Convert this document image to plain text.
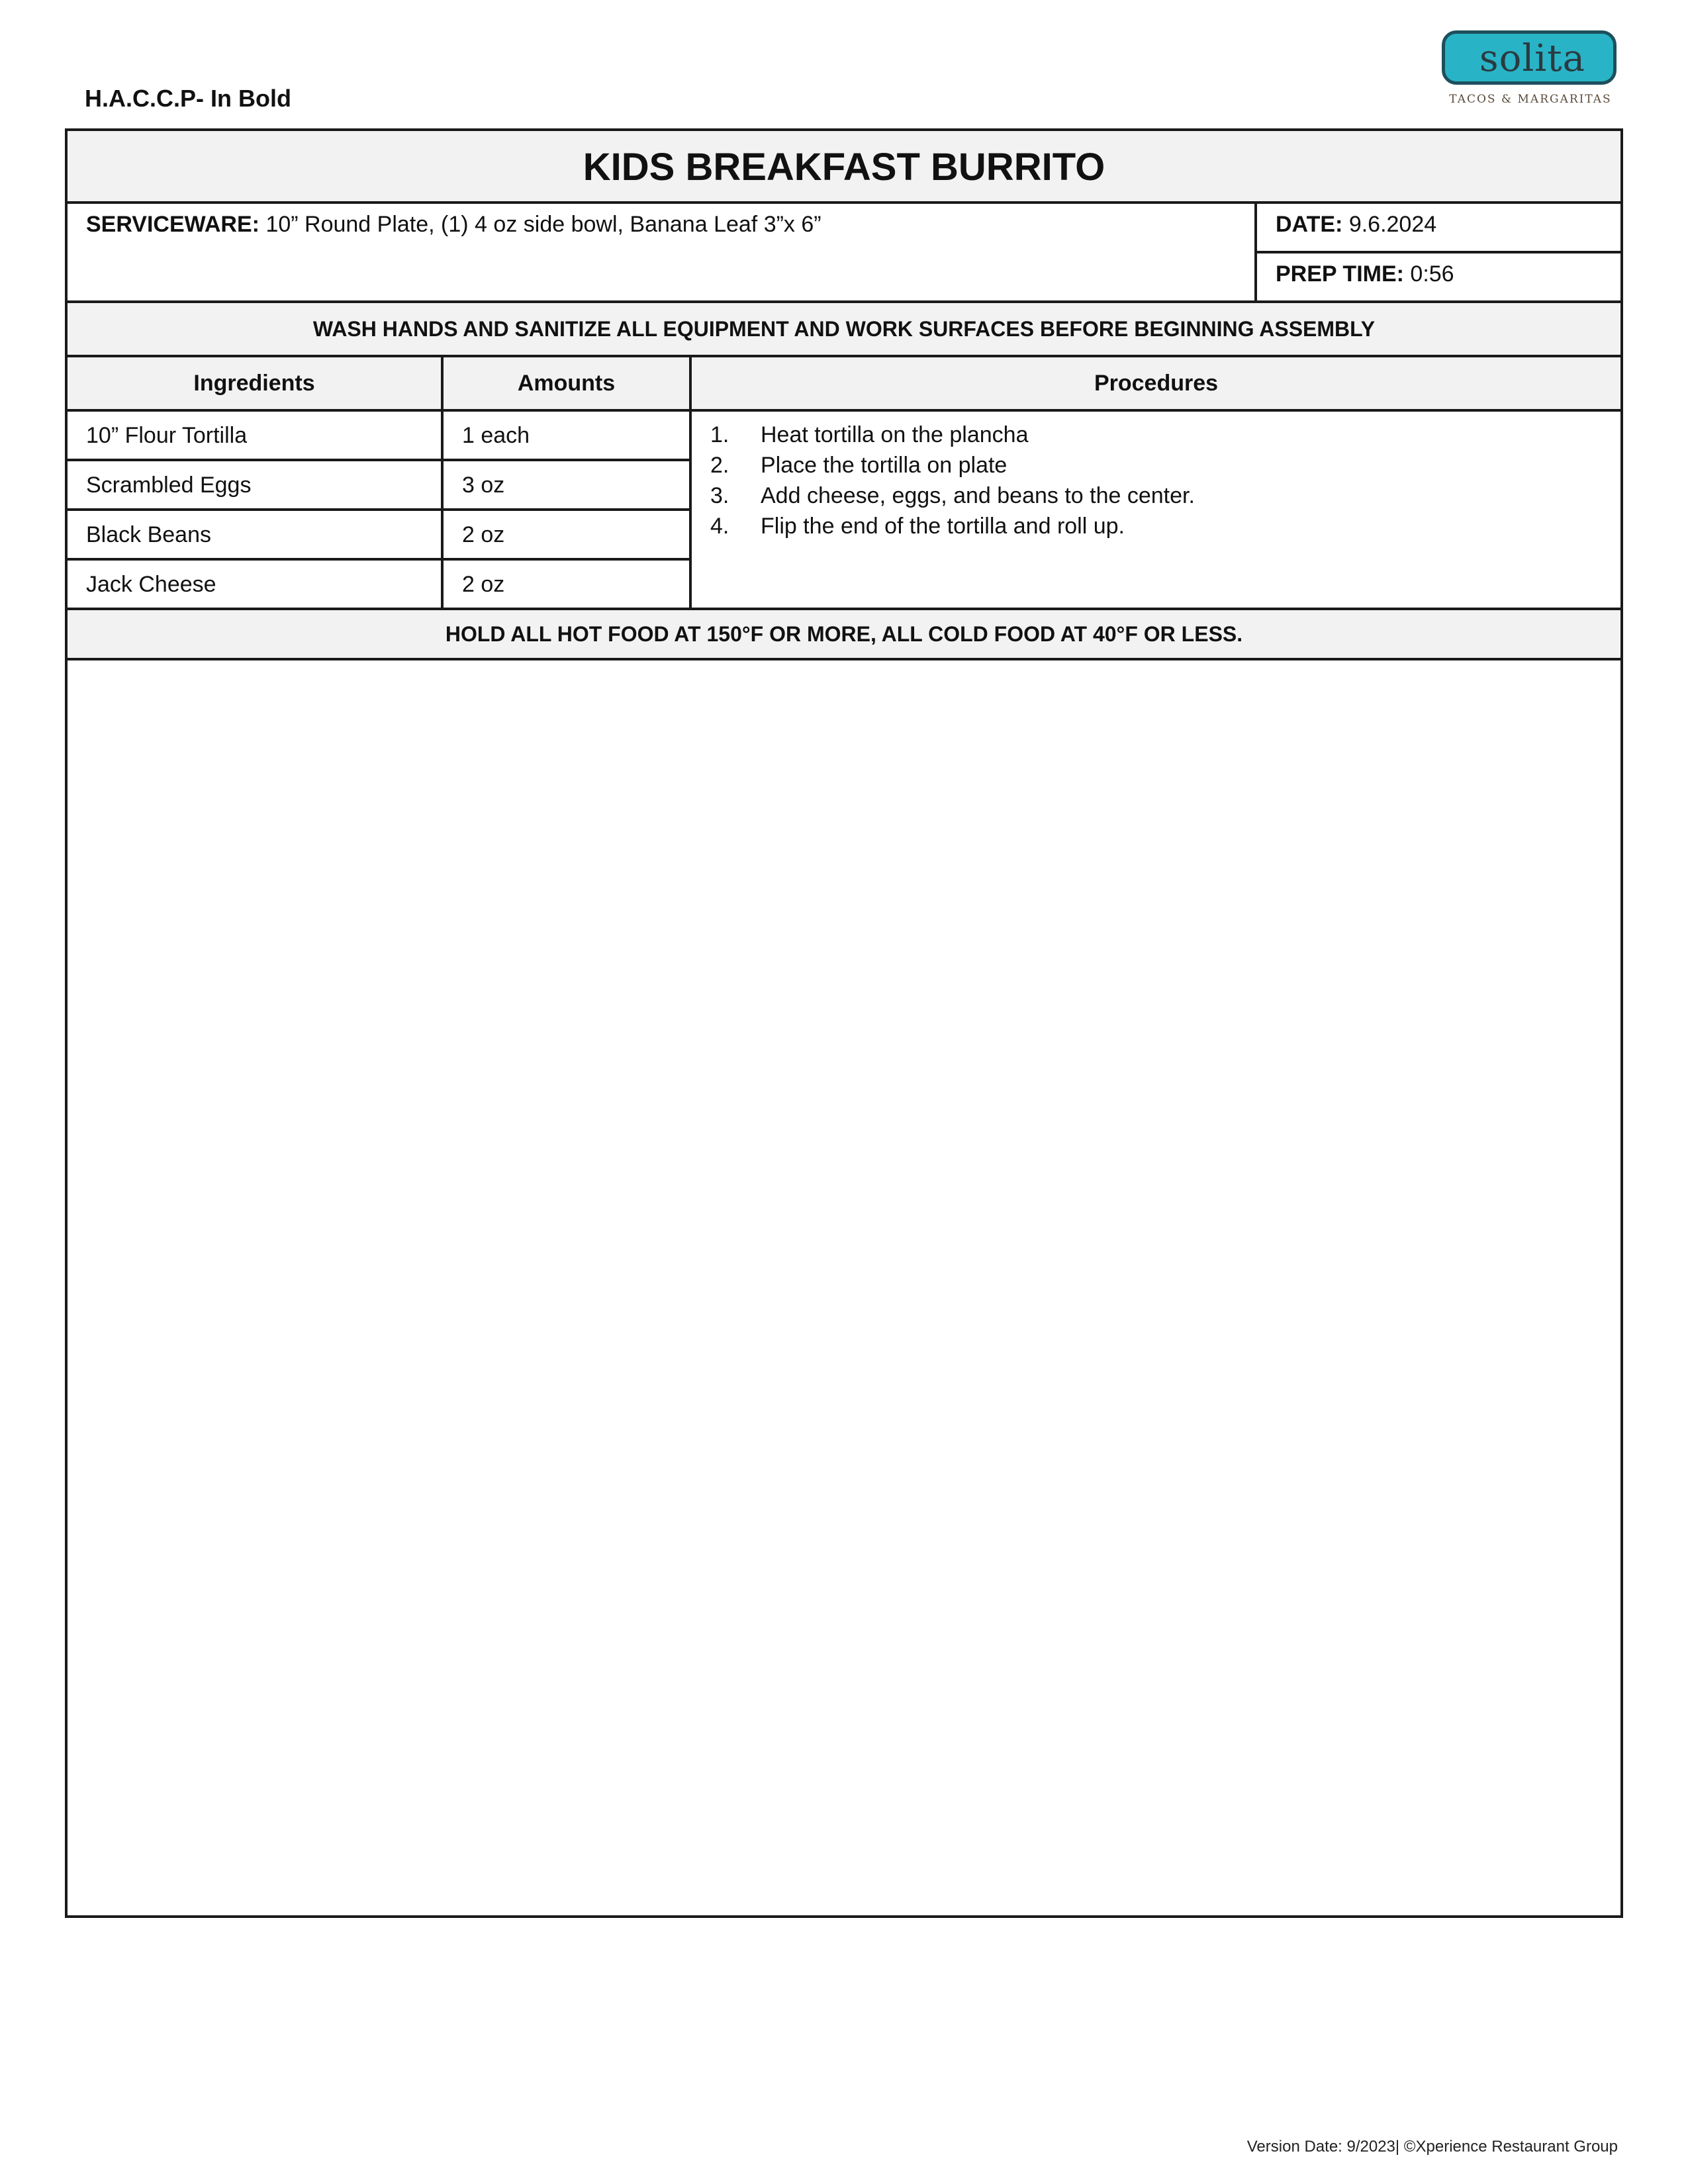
H.A.C.C.P- In Bold
solita
TACOS & MARGARITAS
KIDS BREAKFAST BURRITO
SERVICEWARE: 10” Round Plate, (1) 4 oz side bowl, Banana Leaf 3”x 6”	DATE: 9.6.2024
PREP TIME: 0:56
WASH HANDS AND SANITIZE ALL EQUIPMENT AND WORK SURFACES BEFORE BEGINNING ASSEMBLY
Ingredients	Amounts	Procedures
10” Flour Tortilla	1 each
Scrambled Eggs	3 oz
Black Beans	2 oz
Jack Cheese	2 oz
1.	Heat tortilla on the plancha
2.	Place the tortilla on plate
3.	Add cheese, eggs, and beans to the center.
4.	Flip the end of the tortilla and roll up.
HOLD ALL HOT FOOD AT 150°F OR MORE, ALL COLD FOOD AT 40°F OR LESS.
Version Date: 9/2023| ©Xperience Restaurant Group
